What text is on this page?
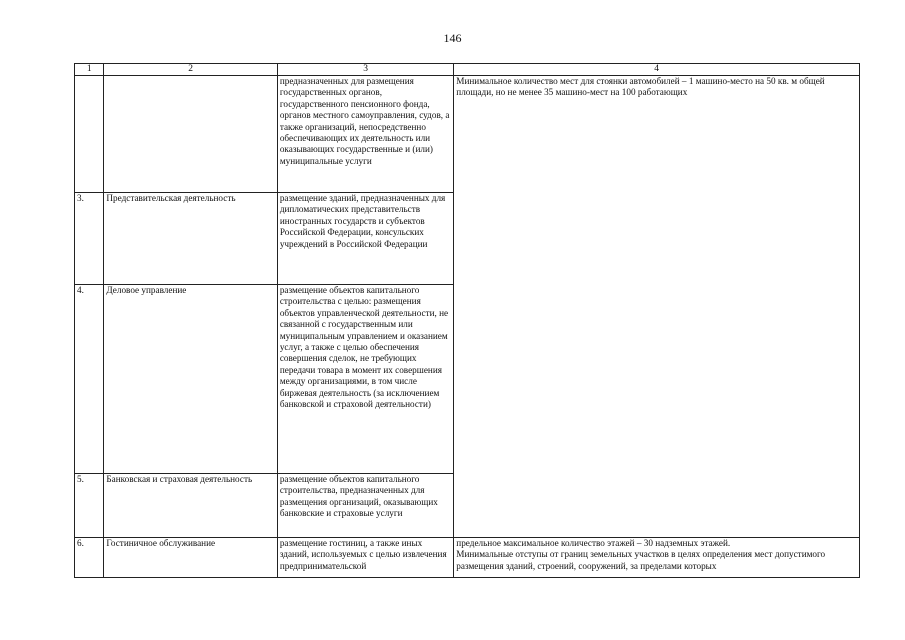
146
1	2	3	4
		предназначенных для размещения государственных органов, государственного пенсионного фонда, органов местного самоуправления, судов, а также организаций, непосредственно обеспечивающих их деятельность или оказывающих государственные и (или) муниципальные услуги	Минимальное количество мест для стоянки автомобилей – 1 машино-место на 50 кв. м общей площади, но не менее 35 машино-мест на 100 работающих
3.	Представительская деятельность	размещение зданий, предназначенных для дипломатических представительств иностранных государств и субъектов Российской Федерации, консульских учреждений в Российской Федерации	
4.	Деловое управление	размещение объектов капитального строительства с целью: размещения объектов управленческой деятельности, не связанной с государственным или муниципальным управлением и оказанием услуг, а также с целью обеспечения совершения сделок, не требующих передачи товара в момент их совершения между организациями, в том числе биржевая деятельность (за исключением банковской и страховой деятельности)	
5.	Банковская и страховая деятельность	размещение объектов капитального строительства, предназначенных для размещения организаций, оказывающих банковские и страховые услуги	
6.	Гостиничное обслуживание	размещение гостиниц, а также иных зданий, используемых с целью извлечения предпринимательской	предельное максимальное количество этажей – 30 надземных этажей.
Минимальные отступы от границ земельных участков в целях определения мест допустимого размещения зданий, строений, сооружений, за пределами которых
